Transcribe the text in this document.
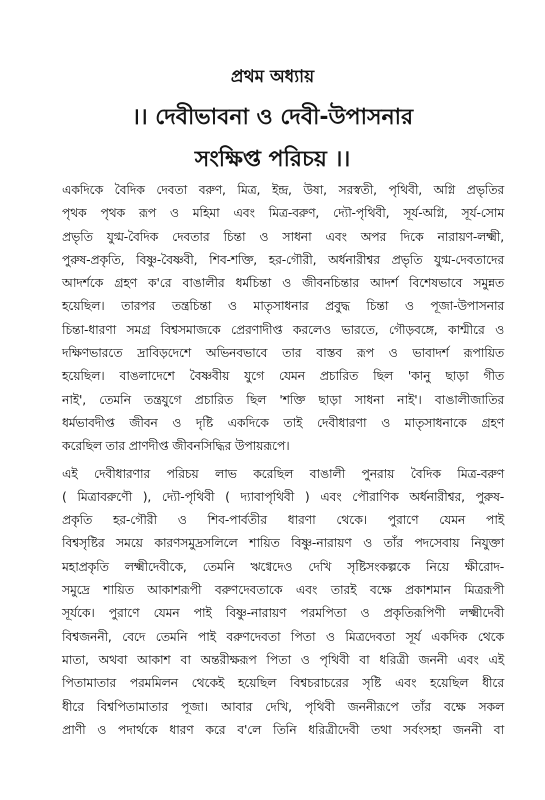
প্রথম অধ্যায়
।। দেবীভাবনা ও দেবী-উপাসনার
সংক্ষিপ্ত পরিচয় ।।

একদিকে বৈদিক দেবতা বরুণ, মিত্র, ইন্দ্র, উষা, সরস্বতী, পৃথিবী, অগ্নি প্রভৃতির
পৃথক পৃথক রূপ ও মহিমা এবং মিত্র-বরুণ, দ্যৌ-পৃথিবী, সূর্য-অগ্নি, সূর্য-সোম
প্রভৃতি যুগ্ম-বৈদিক দেবতার চিন্তা ও সাধনা এবং অপর দিকে নারায়ণ-লক্ষ্মী,
পুরুষ-প্রকৃতি, বিষ্ণু-বৈষ্ণবী, শিব-শক্তি, হর-গৌরী, অর্ধনারীশ্বর প্রভৃতি যুগ্ম-দেবতাদের
আদর্শকে গ্রহণ ক'রে বাঙালীর ধর্মচিন্তা ও জীবনচিন্তার আদর্শ বিশেষভাবে সমুন্নত
হয়েছিল। তারপর তন্ত্রচিন্তা ও মাতৃসাধনার প্রবুদ্ধ চিন্তা ও পূজা-উপাসনার
চিন্তা-ধারণা সমগ্র বিশ্বসমাজকে প্রেরণাদীপ্ত করলেও ভারতে, গৌড়বঙ্গে, কাশ্মীরে ও
দক্ষিণভারতে দ্রাবিড়দেশে অভিনবভাবে তার বাস্তব রূপ ও ভাবাদর্শ রূপায়িত
হয়েছিল। বাঙলাদেশে বৈষ্ণবীয় যুগে যেমন প্রচারিত ছিল 'কানু ছাড়া গীত
নাই', তেমনি তন্ত্রযুগে প্রচারিত ছিল 'শক্তি ছাড়া সাধনা নাই'। বাঙালীজাতির
ধর্মভাবদীপ্ত জীবন ও দৃষ্টি একদিকে তাই দেবীধারণা ও মাতৃসাধনাকে গ্রহণ
করেছিল তার প্রাণদীপ্ত জীবনসিদ্ধির উপায়রূপে।

এই দেবীধারণার পরিচয় লাভ করেছিল বাঙালী পুনরায় বৈদিক মিত্র-বরুণ
( মিত্রাবরুণৌ ), দ্যৌ-পৃথিবী ( দ্যাবাপৃথিবী ) এবং পৌরাণিক অর্ধনারীশ্বর, পুরুষ-
প্রকৃতি হর-গৌরী ও শিব-পার্বতীর ধারণা থেকে। পুরাণে যেমন পাই
বিশ্বসৃষ্টির সময়ে কারণসমুদ্রসলিলে শায়িত বিষ্ণু-নারায়ণ ও তাঁর পদসেবায় নিযুক্তা
মহাপ্রকৃতি লক্ষ্মীদেবীকে, তেমনি ঋগ্বেদেও দেখি সৃষ্টিসংকল্পকে নিয়ে ক্ষীরোদ-
সমুদ্রে শায়িত আকাশরূপী বরুণদেবতাকে এবং তারই বক্ষে প্রকাশমান মিত্ররূপী
সূর্যকে। পুরাণে যেমন পাই বিষ্ণু-নারায়ণ পরমপিতা ও প্রকৃতিরূপিণী লক্ষ্মীদেবী
বিশ্বজননী, বেদে তেমনি পাই বরুণদেবতা পিতা ও মিত্রদেবতা সূর্য একদিক থেকে
মাতা, অথবা আকাশ বা অন্তরীক্ষরূপ পিতা ও পৃথিবী বা ধরিত্রী জননী এবং এই
পিতামাতার পরমমিলন থেকেই হয়েছিল বিশ্বচরাচরের সৃষ্টি এবং হয়েছিল ধীরে
ধীরে বিশ্বপিতামাতার পূজা। আবার দেখি, পৃথিবী জননীরূপে তাঁর বক্ষে সকল
প্রাণী ও পদার্থকে ধারণ করে ব'লে তিনি ধরিত্রীদেবী তথা সর্বংসহা জননী বা
